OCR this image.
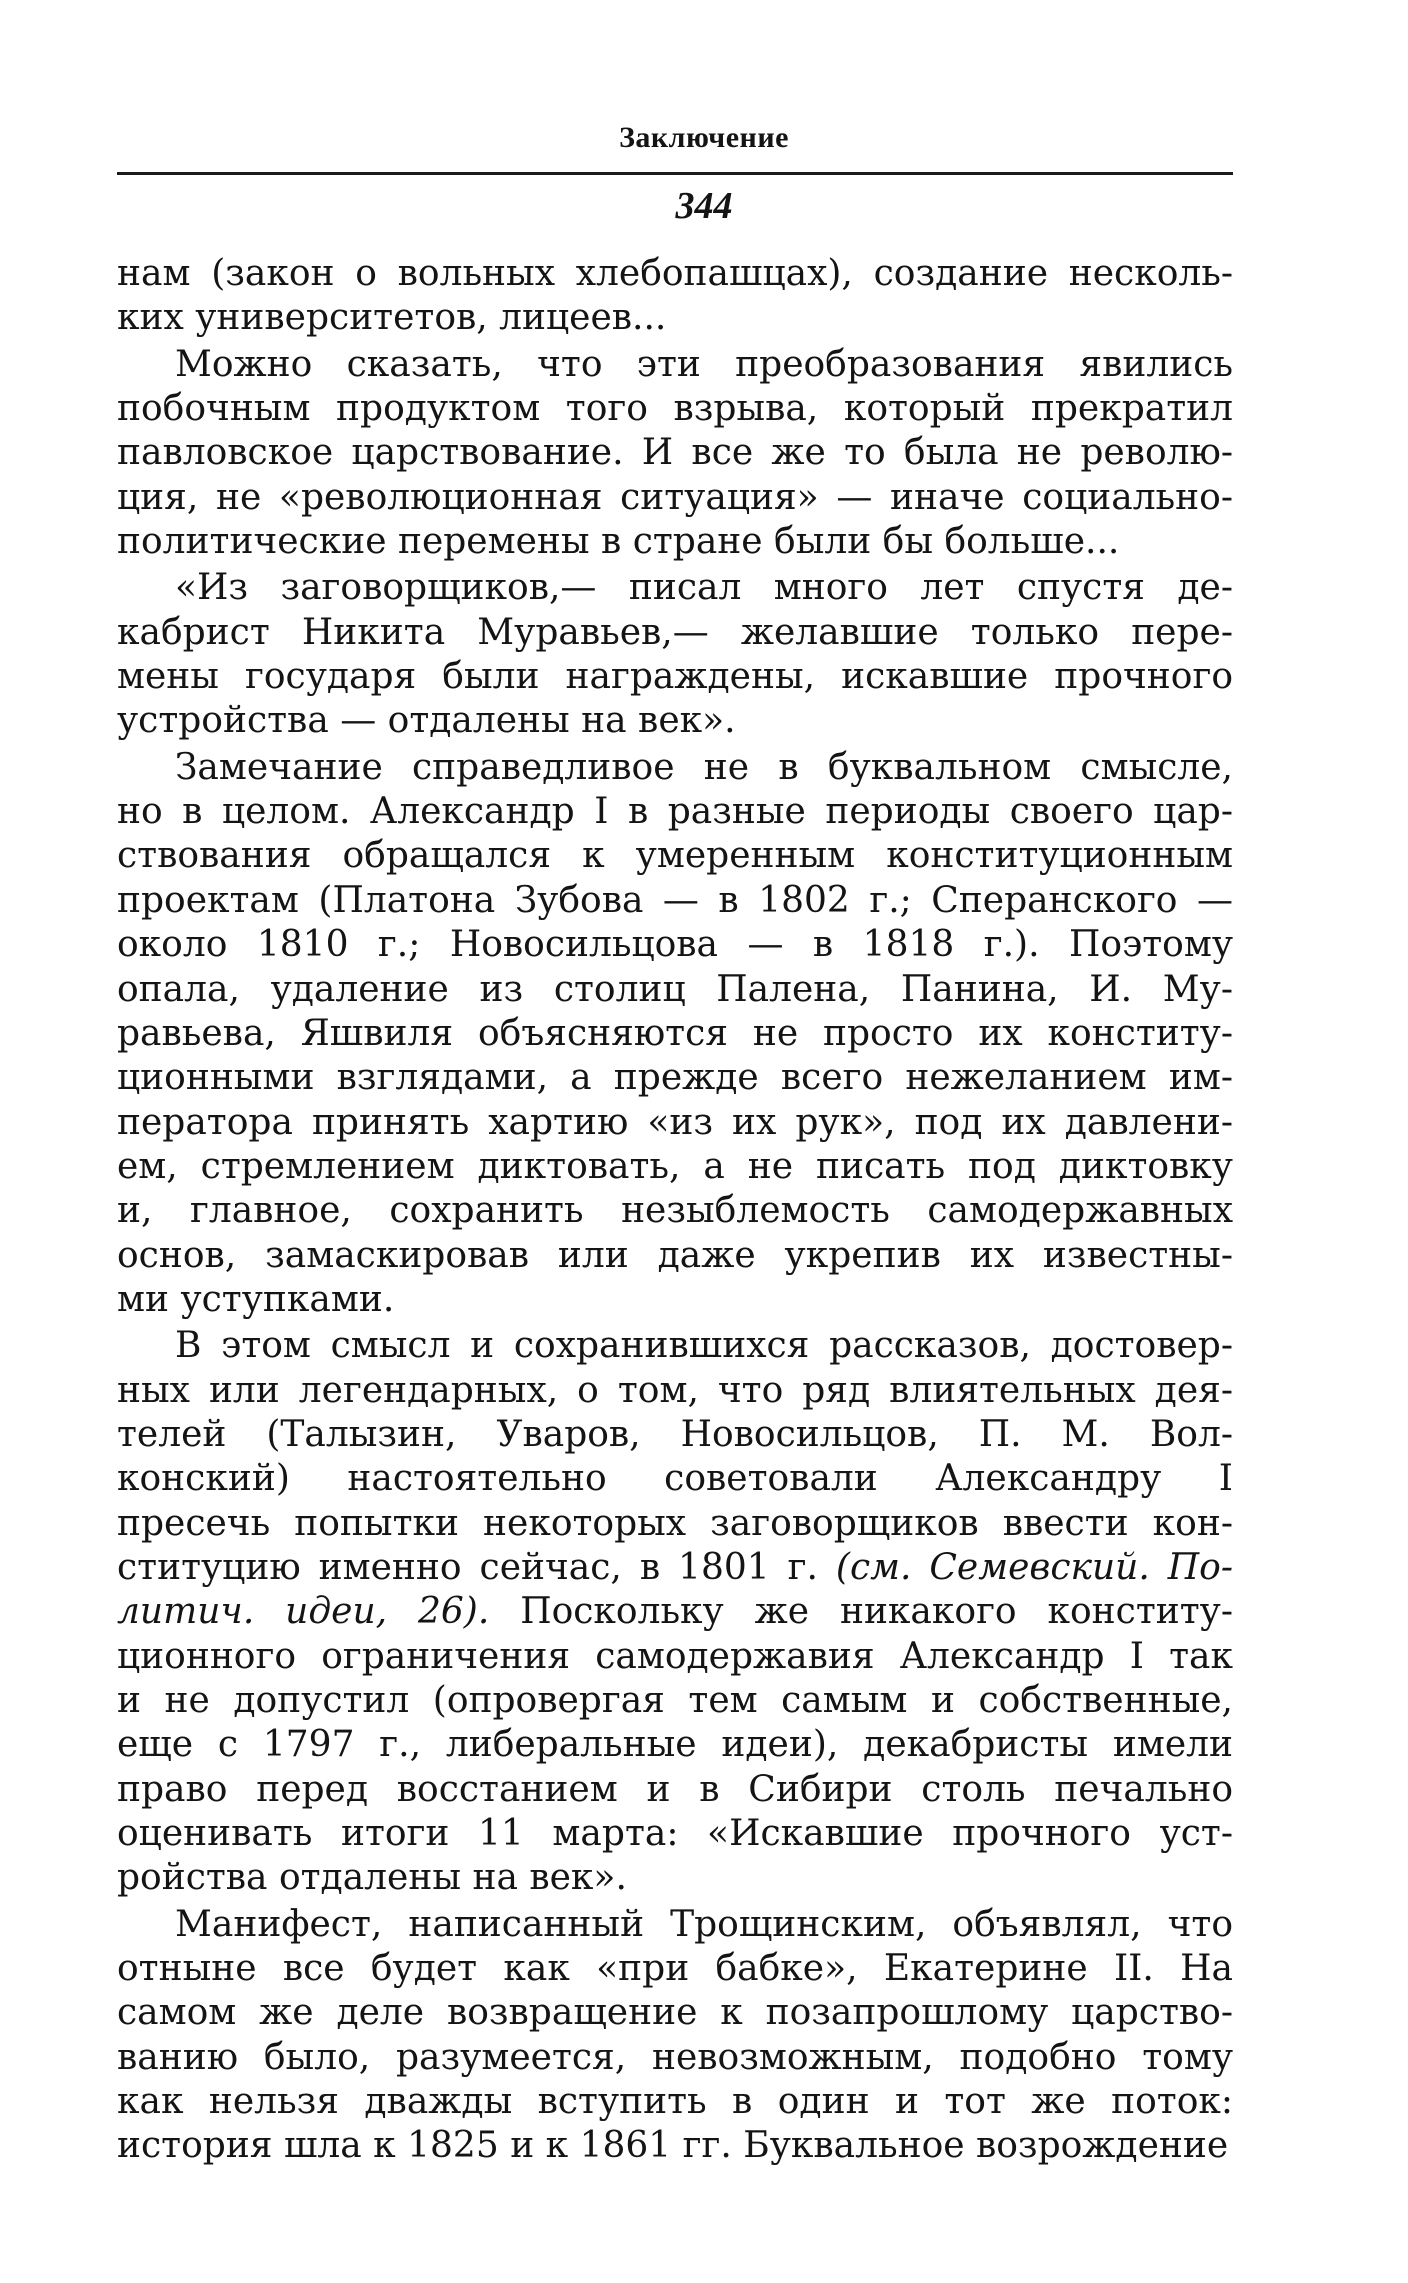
Заключение
344
нам (закон о вольных хлебопашцах), создание несколь-
ких университетов, лицеев...
Можно сказать, что эти преобразования явились
побочным продуктом того взрыва, который прекратил
павловское царствование. И все же то была не револю-
ция, не «революционная ситуация» — иначе социально-
политические перемены в стране были бы больше...
«Из заговорщиков,— писал много лет спустя де-
кабрист Никита Муравьев,— желавшие только пере-
мены государя были награждены, искавшие прочного
устройства — отдалены на век».
Замечание справедливое не в буквальном смысле,
но в целом. Александр I в разные периоды своего цар-
ствования обращался к умеренным конституционным
проектам (Платона Зубова — в 1802 г.; Сперанского —
около 1810 г.; Новосильцова — в 1818 г.). Поэтому
опала, удаление из столиц Палена, Панина, И. Му-
равьева, Яшвиля объясняются не просто их конститу-
ционными взглядами, а прежде всего нежеланием им-
ператора принять хартию «из их рук», под их давлени-
ем, стремлением диктовать, а не писать под диктовку
и, главное, сохранить незыблемость самодержавных
основ, замаскировав или даже укрепив их известны-
ми уступками.
В этом смысл и сохранившихся рассказов, достовер-
ных или легендарных, о том, что ряд влиятельных дея-
телей (Талызин, Уваров, Новосильцов, П. М. Вол-
конский) настоятельно советовали Александру I
пресечь попытки некоторых заговорщиков ввести кон-
ституцию именно сейчас, в 1801 г. (см. Семевский. По-
литич. идеи, 26). Поскольку же никакого конститу-
ционного ограничения самодержавия Александр I так
и не допустил (опровергая тем самым и собственные,
еще с 1797 г., либеральные идеи), декабристы имели
право перед восстанием и в Сибири столь печально
оценивать итоги 11 марта: «Искавшие прочного уст-
ройства отдалены на век».
Манифест, написанный Трощинским, объявлял, что
отныне все будет как «при бабке», Екатерине II. На
самом же деле возвращение к позапрошлому царство-
ванию было, разумеется, невозможным, подобно тому
как нельзя дважды вступить в один и тот же поток:
история шла к 1825 и к 1861 гг. Буквальное возрождение
